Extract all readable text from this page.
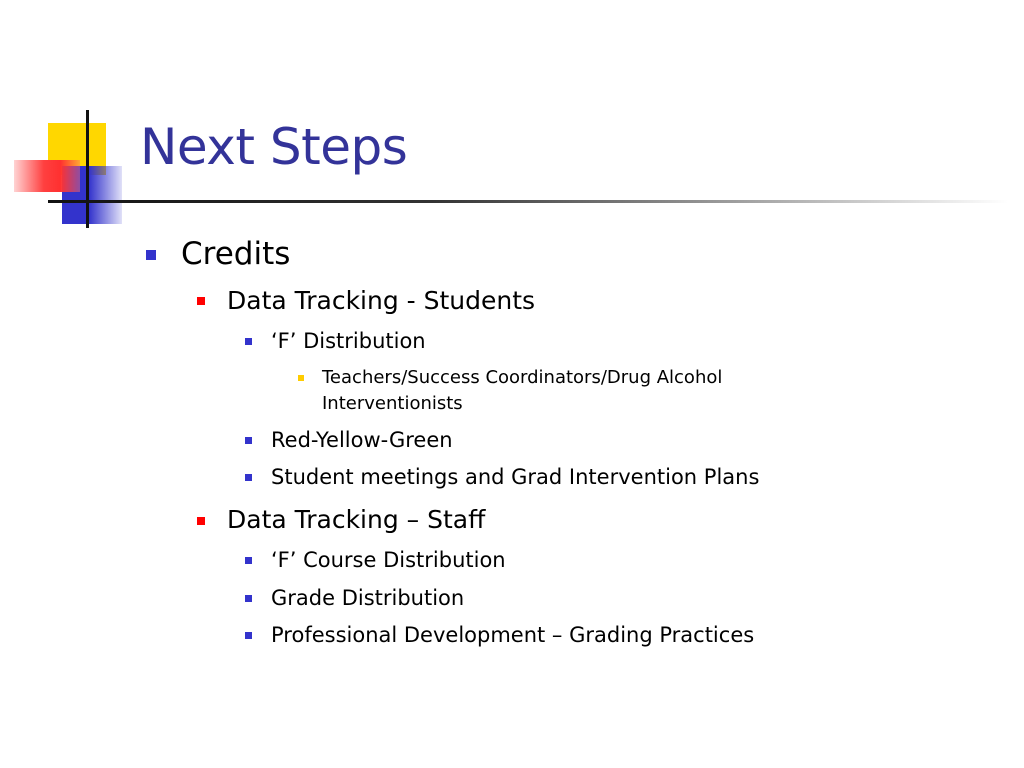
Next Steps
Credits
Data Tracking - Students
‘F’ Distribution
Teachers/Success Coordinators/Drug Alcohol
Interventionists
Red-Yellow-Green
Student meetings and Grad Intervention Plans
Data Tracking – Staff
‘F’ Course Distribution
Grade Distribution
Professional Development – Grading Practices
